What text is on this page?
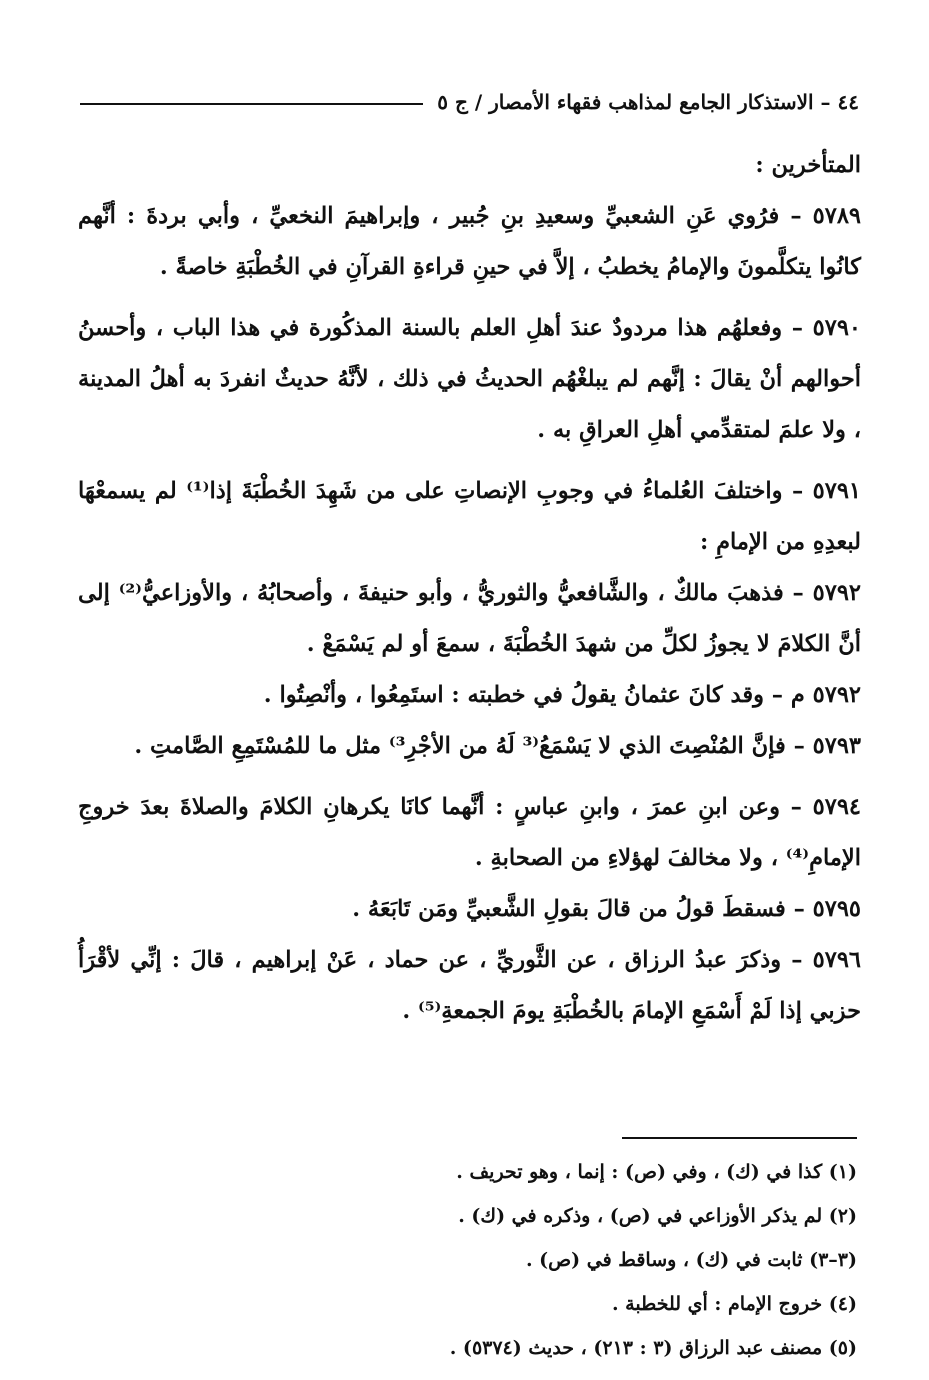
٤٤ – الاستذكار الجامع لمذاهب فقهاء الأمصار / ج ٥

المتأخرين :

٥٧٨٩ – فرُوي عَنِ الشعبيِّ وسعيدِ بنِ جُبير ، وإبراهيمَ النخعيِّ ، وأبي بردةَ : أنَّهم كانُوا يتكلَّمونَ والإمامُ يخطبُ ، إلاَّ في حينِ قراءةِ القرآنِ في الخُطْبَةِ خاصةً .

٥٧٩٠ – وفعلهُم هذا مردودٌ عندَ أهلِ العلم بالسنة المذكُورة في هذا الباب ، وأحسنُ أحوالهم أنْ يقالَ : إنَّهم لم يبلغْهُم الحديثُ في ذلك ، لأنَّهُ حديثٌ انفردَ به أهلُ المدينة ، ولا علمَ لمتقدِّمي أهلِ العراقِ به .

٥٧٩١ – واختلفَ العُلماءُ في وجوبِ الإنصاتِ على من شَهِدَ الخُطْبَةَ إذا⁽¹⁾ لم يسمعْهَا لبعدِهِ من الإمامِ :

٥٧٩٢ – فذهبَ مالكٌ ، والشَّافعيُّ والثوريُّ ، وأبو حنيفةَ ، وأصحابُهُ ، والأوزاعيُّ⁽²⁾ إلى أنَّ الكلامَ لا يجوزُ لكلِّ من شهدَ الخُطْبَةَ ، سمعَ أو لم يَسْمَعْ .

٥٧٩٢ م – وقد كانَ عثمانُ يقولُ في خطبته : استَمِعُوا ، وأنْصِتُوا .

٥٧٩٣ – فإنَّ المُنْصِتَ الذي لا يَسْمَعُ⁽³ لَهُ من الأجْرِ³⁾ مثل ما للمُسْتَمِعِ الصَّامتِ .

٥٧٩٤ – وعن ابنِ عمرَ ، وابنِ عباسٍ : أنَّهما كانَا يكرهانِ الكلامَ والصلاةَ بعدَ خروجِ الإمامِ⁽⁴⁾ ، ولا مخالفَ لهؤلاءِ من الصحابةِ .

٥٧٩٥ – فسقطَ قولُ من قالَ بقولِ الشَّعبيِّ ومَن تَابَعَهُ .

٥٧٩٦ – وذكرَ عبدُ الرزاق ، عن الثَّوريِّ ، عن حماد ، عَنْ إبراهيم ، قالَ : إنِّي لأقْرَأُ حزبي إذا لَمْ أَسْمَعِ الإمامَ بالخُطْبَةِ يومَ الجمعةِ⁽⁵⁾ .

(١) كذا في (ك) ، وفي (ص) : إنما ، وهو تحريف .
(٢) لم يذكر الأوزاعي في (ص) ، وذكره في (ك) .
(٣–٣) ثابت في (ك) ، وساقط في (ص) .
(٤) خروج الإمام : أي للخطبة .
(٥) مصنف عبد الرزاق (٣ : ٢١٣) ، حديث (٥٣٧٤) .
